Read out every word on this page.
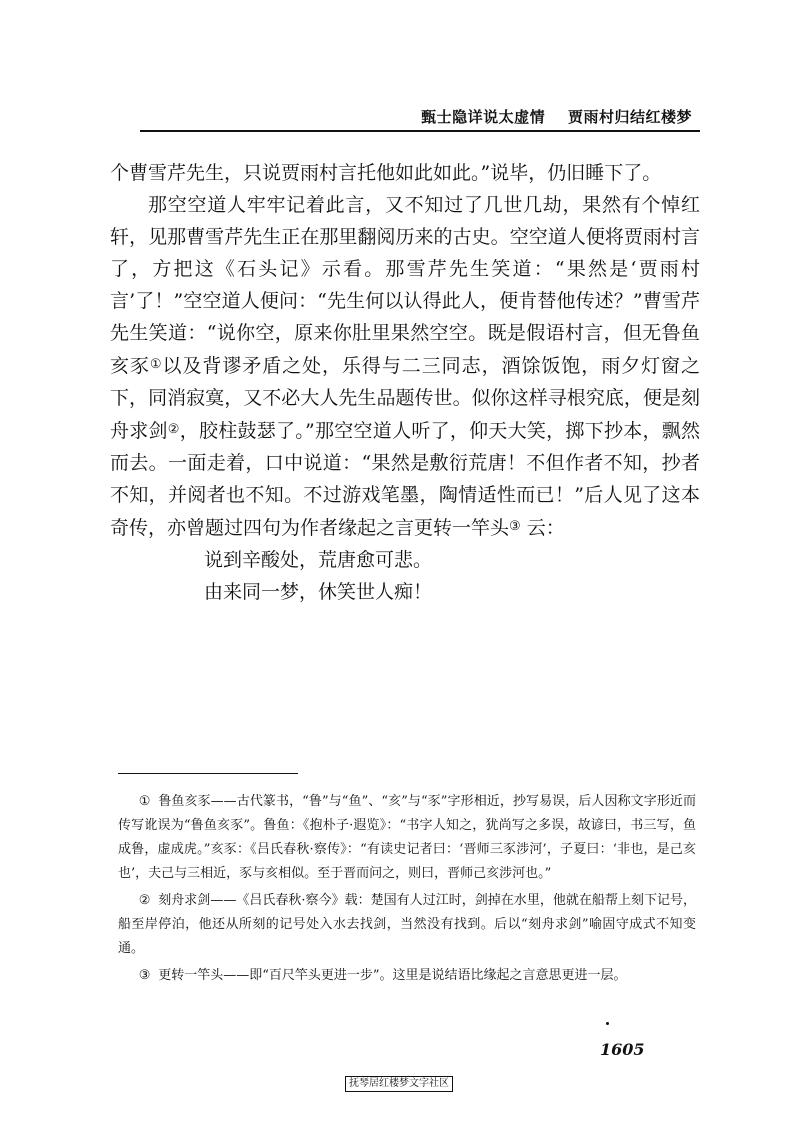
甄士隐详说太虚情    贾雨村归结红楼梦

个曹雪芹先生，只说贾雨村言托他如此如此。”说毕，仍旧睡下了。

那空空道人牢牢记着此言，又不知过了几世几劫，果然有个悼红轩，见那曹雪芹先生正在那里翻阅历来的古史。空空道人便将贾雨村言了，方把这《石头记》示看。那雪芹先生笑道：“果然是‘贾雨村言’了！”空空道人便问：“先生何以认得此人，便肯替他传述？”曹雪芹先生笑道：“说你空，原来你肚里果然空空。既是假语村言，但无鲁鱼亥豕①以及背谬矛盾之处，乐得与二三同志，酒馀饭饱，雨夕灯窗之下，同消寂寞，又不必大人先生品题传世。似你这样寻根究底，便是刻舟求剑②，胶柱鼓瑟了。”那空空道人听了，仰天大笑，掷下抄本，飘然而去。一面走着，口中说道：“果然是敷衍荒唐！不但作者不知，抄者不知，并阅者也不知。不过游戏笔墨，陶情适性而已！”后人见了这本奇传，亦曾题过四句为作者缘起之言更转一竿头③ 云：

说到辛酸处，荒唐愈可悲。

由来同一梦，休笑世人痴！

① 鲁鱼亥豕——古代篆书，“鲁”与“鱼”、“亥”与“豕”字形相近，抄写易误，后人因称文字形近而传写讹误为“鲁鱼亥豕”。鲁鱼：《抱朴子·遐览》：“书字人知之，犹尚写之多误，故谚曰，书三写，鱼成鲁，虚成虎。”亥豕：《吕氏春秋·察传》：“有读史记者曰：‘晋师三豕涉河’，子夏曰：‘非也，是己亥也’，夫己与三相近，豕与亥相似。至于晋而问之，则曰，晋师己亥涉河也。”

② 刻舟求剑——《吕氏春秋·察今》载：楚国有人过江时，剑掉在水里，他就在船帮上刻下记号，船至岸停泊，他还从所刻的记号处入水去找剑，当然没有找到。后以“刻舟求剑”喻固守成式不知变通。

③ 更转一竿头——即“百尺竿头更进一步”。这里是说结语比缘起之言意思更进一层。

1605
抚琴居红楼梦文字社区
